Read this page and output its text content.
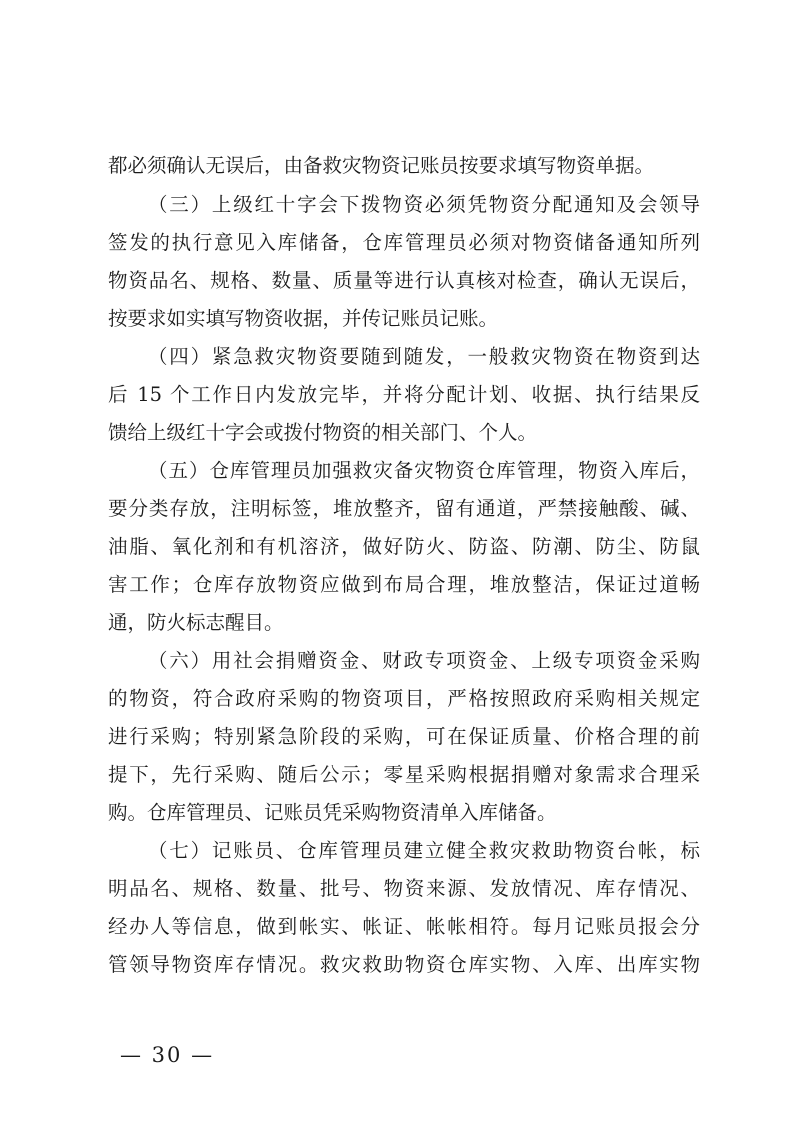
都必须确认无误后，由备救灾物资记账员按要求填写物资单据。
（三）上级红十字会下拨物资必须凭物资分配通知及会领导
签发的执行意见入库储备，仓库管理员必须对物资储备通知所列
物资品名、规格、数量、质量等进行认真核对检查，确认无误后，
按要求如实填写物资收据，并传记账员记账。
（四）紧急救灾物资要随到随发，一般救灾物资在物资到达
后 15 个工作日内发放完毕，并将分配计划、收据、执行结果反
馈给上级红十字会或拨付物资的相关部门、个人。
（五）仓库管理员加强救灾备灾物资仓库管理，物资入库后，
要分类存放，注明标签，堆放整齐，留有通道，严禁接触酸、碱、
油脂、氧化剂和有机溶济，做好防火、防盗、防潮、防尘、防鼠
害工作；仓库存放物资应做到布局合理，堆放整洁，保证过道畅
通，防火标志醒目。
（六）用社会捐赠资金、财政专项资金、上级专项资金采购
的物资，符合政府采购的物资项目，严格按照政府采购相关规定
进行采购；特别紧急阶段的采购，可在保证质量、价格合理的前
提下，先行采购、随后公示；零星采购根据捐赠对象需求合理采
购。仓库管理员、记账员凭采购物资清单入库储备。
（七）记账员、仓库管理员建立健全救灾救助物资台帐，标
明品名、规格、数量、批号、物资来源、发放情况、库存情况、
经办人等信息，做到帐实、帐证、帐帐相符。每月记账员报会分
管领导物资库存情况。救灾救助物资仓库实物、入库、出库实物
— 30 —
